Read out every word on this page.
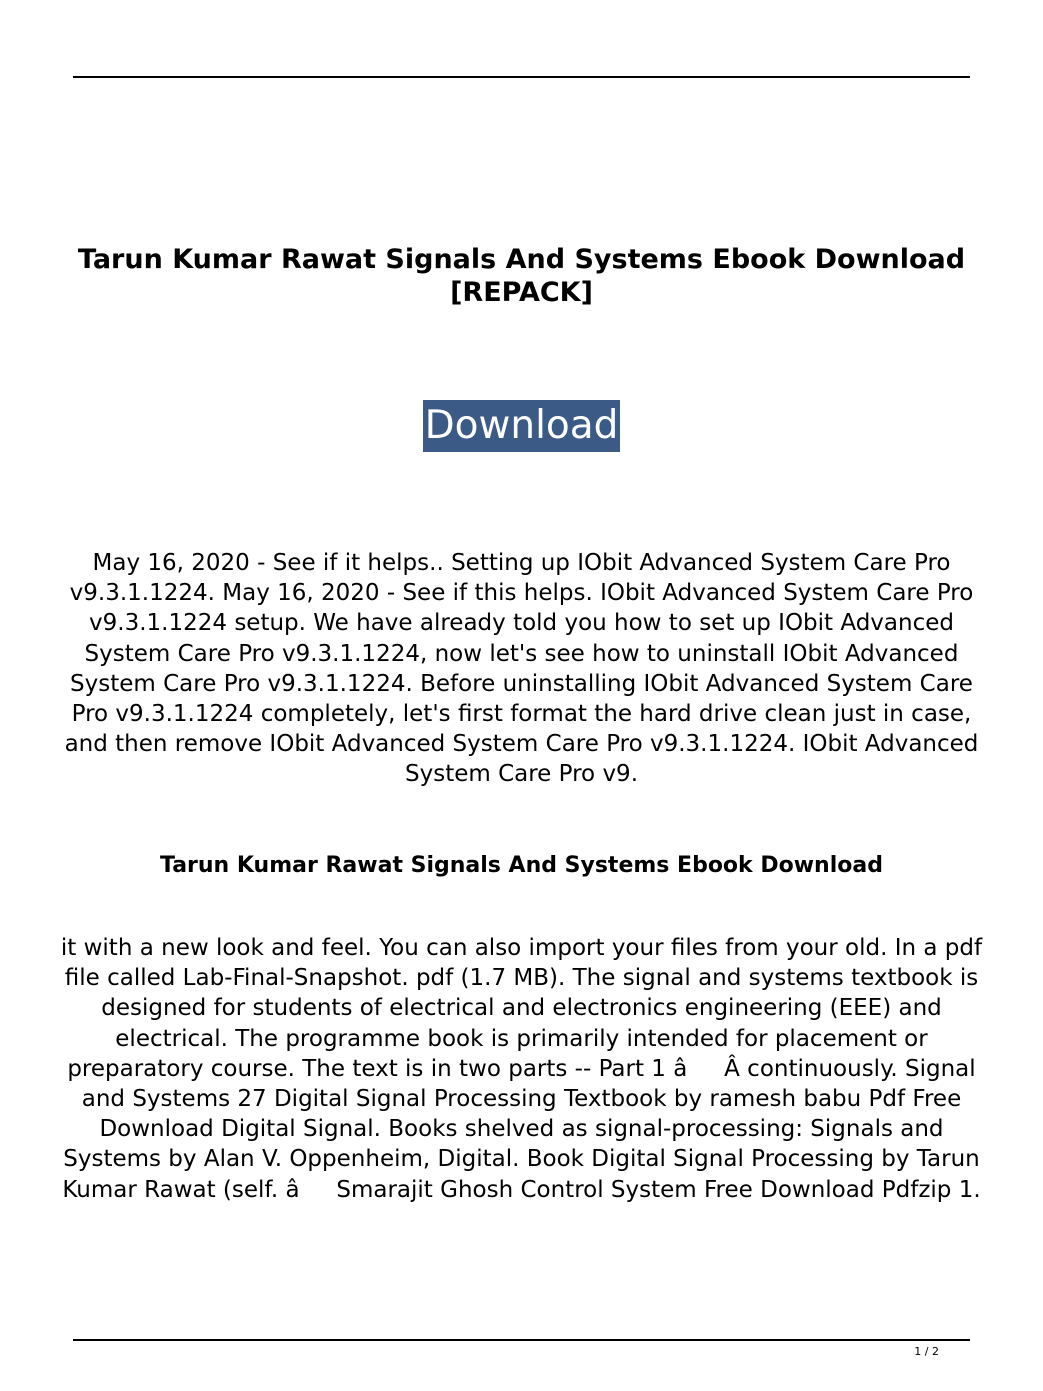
Tarun Kumar Rawat Signals And Systems Ebook Download [REPACK]
Download

May 16, 2020 - See if it helps.. Setting up IObit Advanced System Care Pro v9.3.1.1224. May 16, 2020 - See if this helps. IObit Advanced System Care Pro v9.3.1.1224 setup. We have already told you how to set up IObit Advanced System Care Pro v9.3.1.1224, now let's see how to uninstall IObit Advanced System Care Pro v9.3.1.1224. Before uninstalling IObit Advanced System Care Pro v9.3.1.1224 completely, let's first format the hard drive clean just in case, and then remove IObit Advanced System Care Pro v9.3.1.1224. IObit Advanced System Care Pro v9.

Tarun Kumar Rawat Signals And Systems Ebook Download

it with a new look and feel. You can also import your files from your old. In a pdf file called Lab-Final-Snapshot. pdf (1.7 MB). The signal and systems textbook is designed for students of electrical and electronics engineering (EEE) and electrical. The programme book is primarily intended for placement or preparatory course. The text is in two parts -- Part 1 âÂ continuously. Signal and Systems 27 Digital Signal Processing Textbook by ramesh babu Pdf Free Download Digital Signal. Books shelved as signal-processing: Signals and Systems by Alan V. Oppenheim, Digital. Book Digital Signal Processing by Tarun Kumar Rawat (self. âSmarajit Ghosh Control System Free Download Pdfzip 1.

1 / 2
